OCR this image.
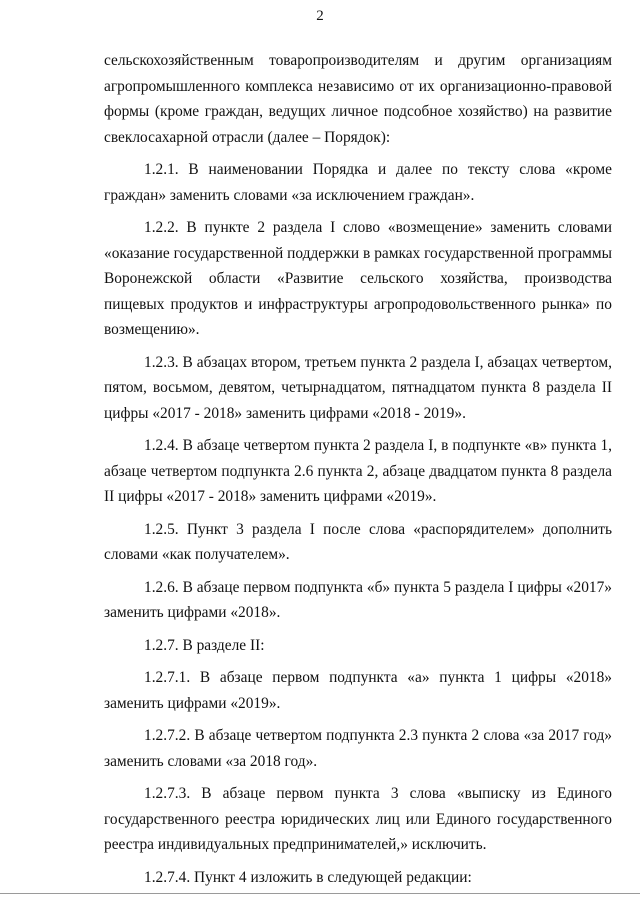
2

сельскохозяйственным товаропроизводителям и другим организациям агропромышленного комплекса независимо от их организационно-правовой формы (кроме граждан, ведущих личное подсобное хозяйство) на развитие свеклосахарной отрасли (далее – Порядок):

1.2.1. В наименовании Порядка и далее по тексту слова «кроме граждан» заменить словами «за исключением граждан».

1.2.2. В пункте 2 раздела I слово «возмещение» заменить словами «оказание государственной поддержки в рамках государственной программы Воронежской области «Развитие сельского хозяйства, производства пищевых продуктов и инфраструктуры агропродовольственного рынка» по возмещению».

1.2.3. В абзацах втором, третьем пункта 2 раздела I, абзацах четвертом, пятом, восьмом, девятом, четырнадцатом, пятнадцатом пункта 8 раздела II цифры «2017 - 2018» заменить цифрами «2018 - 2019».

1.2.4. В абзаце четвертом пункта 2 раздела I, в подпункте «в» пункта 1, абзаце четвертом подпункта 2.6 пункта 2, абзаце двадцатом пункта 8 раздела II цифры «2017 - 2018» заменить цифрами «2019».

1.2.5. Пункт 3 раздела I после слова «распорядителем» дополнить словами «как получателем».

1.2.6. В абзаце первом подпункта «б» пункта 5 раздела I цифры «2017» заменить цифрами «2018».

1.2.7. В разделе II:

1.2.7.1. В абзаце первом подпункта «а» пункта 1 цифры «2018» заменить цифрами «2019».

1.2.7.2. В абзаце четвертом подпункта 2.3 пункта 2 слова «за 2017 год» заменить словами «за 2018 год».

1.2.7.3. В абзаце первом пункта 3 слова «выписку из Единого государственного реестра юридических лиц или Единого государственного реестра индивидуальных предпринимателей,» исключить.

1.2.7.4. Пункт 4 изложить в следующей редакции:
